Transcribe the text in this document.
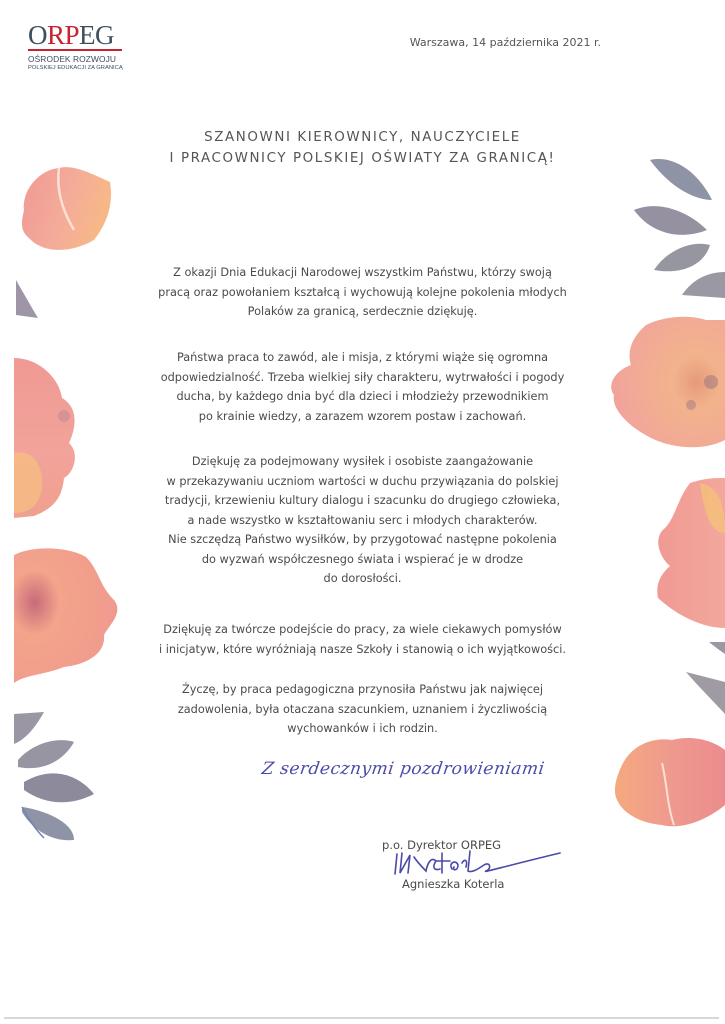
ORPEG
OŚRODEK ROZWOJU
POLSKIEJ EDUKACJI ZA GRANICĄ
Warszawa, 14 października 2021 r.
SZANOWNI KIEROWNICY, NAUCZYCIELE
I PRACOWNICY POLSKIEJ OŚWIATY ZA GRANICĄ!
Z okazji Dnia Edukacji Narodowej wszystkim Państwu, którzy swoją
pracą oraz powołaniem kształcą i wychowują kolejne pokolenia młodych
Polaków za granicą, serdecznie dziękuję.
Państwa praca to zawód, ale i misja, z którymi wiąże się ogromna
odpowiedzialność. Trzeba wielkiej siły charakteru, wytrwałości i pogody
ducha, by każdego dnia być dla dzieci i młodzieży przewodnikiem
po krainie wiedzy, a zarazem wzorem postaw i zachowań.
Dziękuję za podejmowany wysiłek i osobiste zaangażowanie
w przekazywaniu uczniom wartości w duchu przywiązania do polskiej
tradycji, krzewieniu kultury dialogu i szacunku do drugiego człowieka,
a nade wszystko w kształtowaniu serc i młodych charakterów.
Nie szczędzą Państwo wysiłków, by przygotować następne pokolenia
do wyzwań współczesnego świata i wspierać je w drodze
do dorosłości.
Dziękuję za twórcze podejście do pracy, za wiele ciekawych pomysłów
i inicjatyw, które wyróżniają nasze Szkoły i stanowią o ich wyjątkowości.
Życzę, by praca pedagogiczna przynosiła Państwu jak najwięcej
zadowolenia, była otaczana szacunkiem, uznaniem i życzliwością
wychowanków i ich rodzin.
Z serdecznymi pozdrowieniami
p.o. Dyrektor ORPEG
Agnieszka Koterla
